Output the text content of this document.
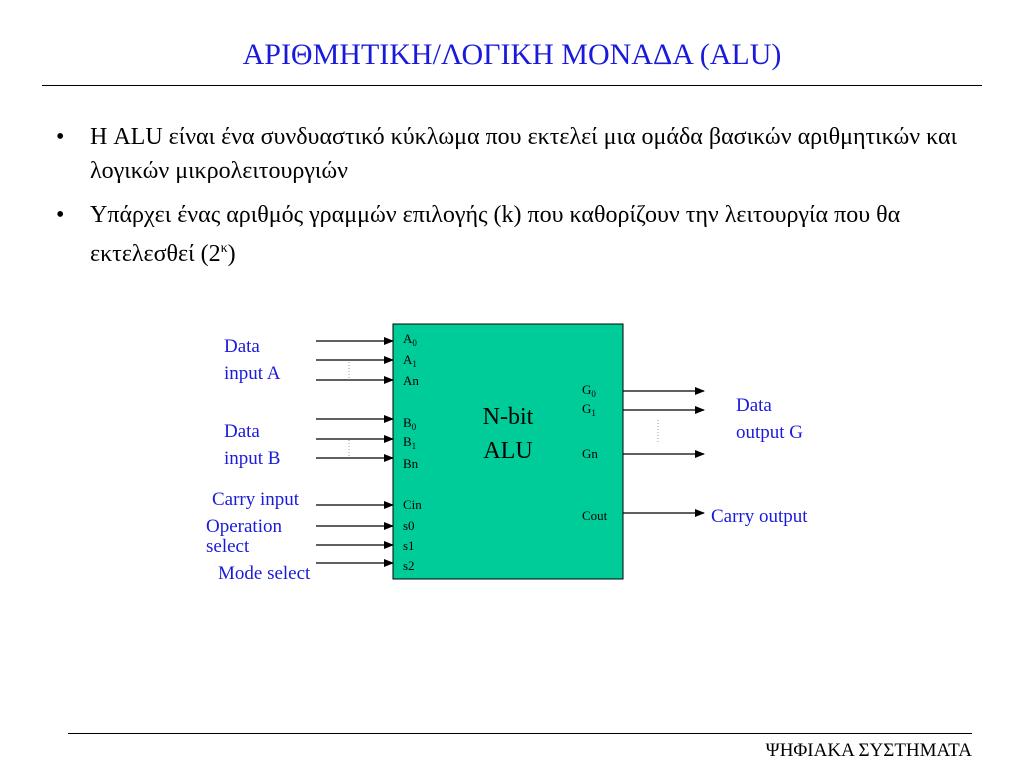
ΑΡΙΘΜΗΤΙΚΗ/ΛΟΓΙΚΗ ΜΟΝΑΔΑ (ALU)
• Η ALU είναι ένα συνδυαστικό κύκλωμα που εκτελεί μια ομάδα βασικών αριθμητικών και λογικών μικρολειτουργιών
• Υπάρχει ένας αριθμός γραμμών επιλογής (k) που καθορίζουν την λειτουργία που θα εκτελεσθεί $(2^\kappa)$
N-bit
ALU
$A_0$
$A_1$
An
$B_0$
$B_1$
Bn
Cin
s0
s1
s2
$G_0$
$G_1$
Gn
Cout
Data
input A
Data
input B
Carry input
Operation
select
Mode select
Data
output G
Carry output
ΨΗΦΙΑΚΑ ΣΥΣΤΗΜΑΤΑ
